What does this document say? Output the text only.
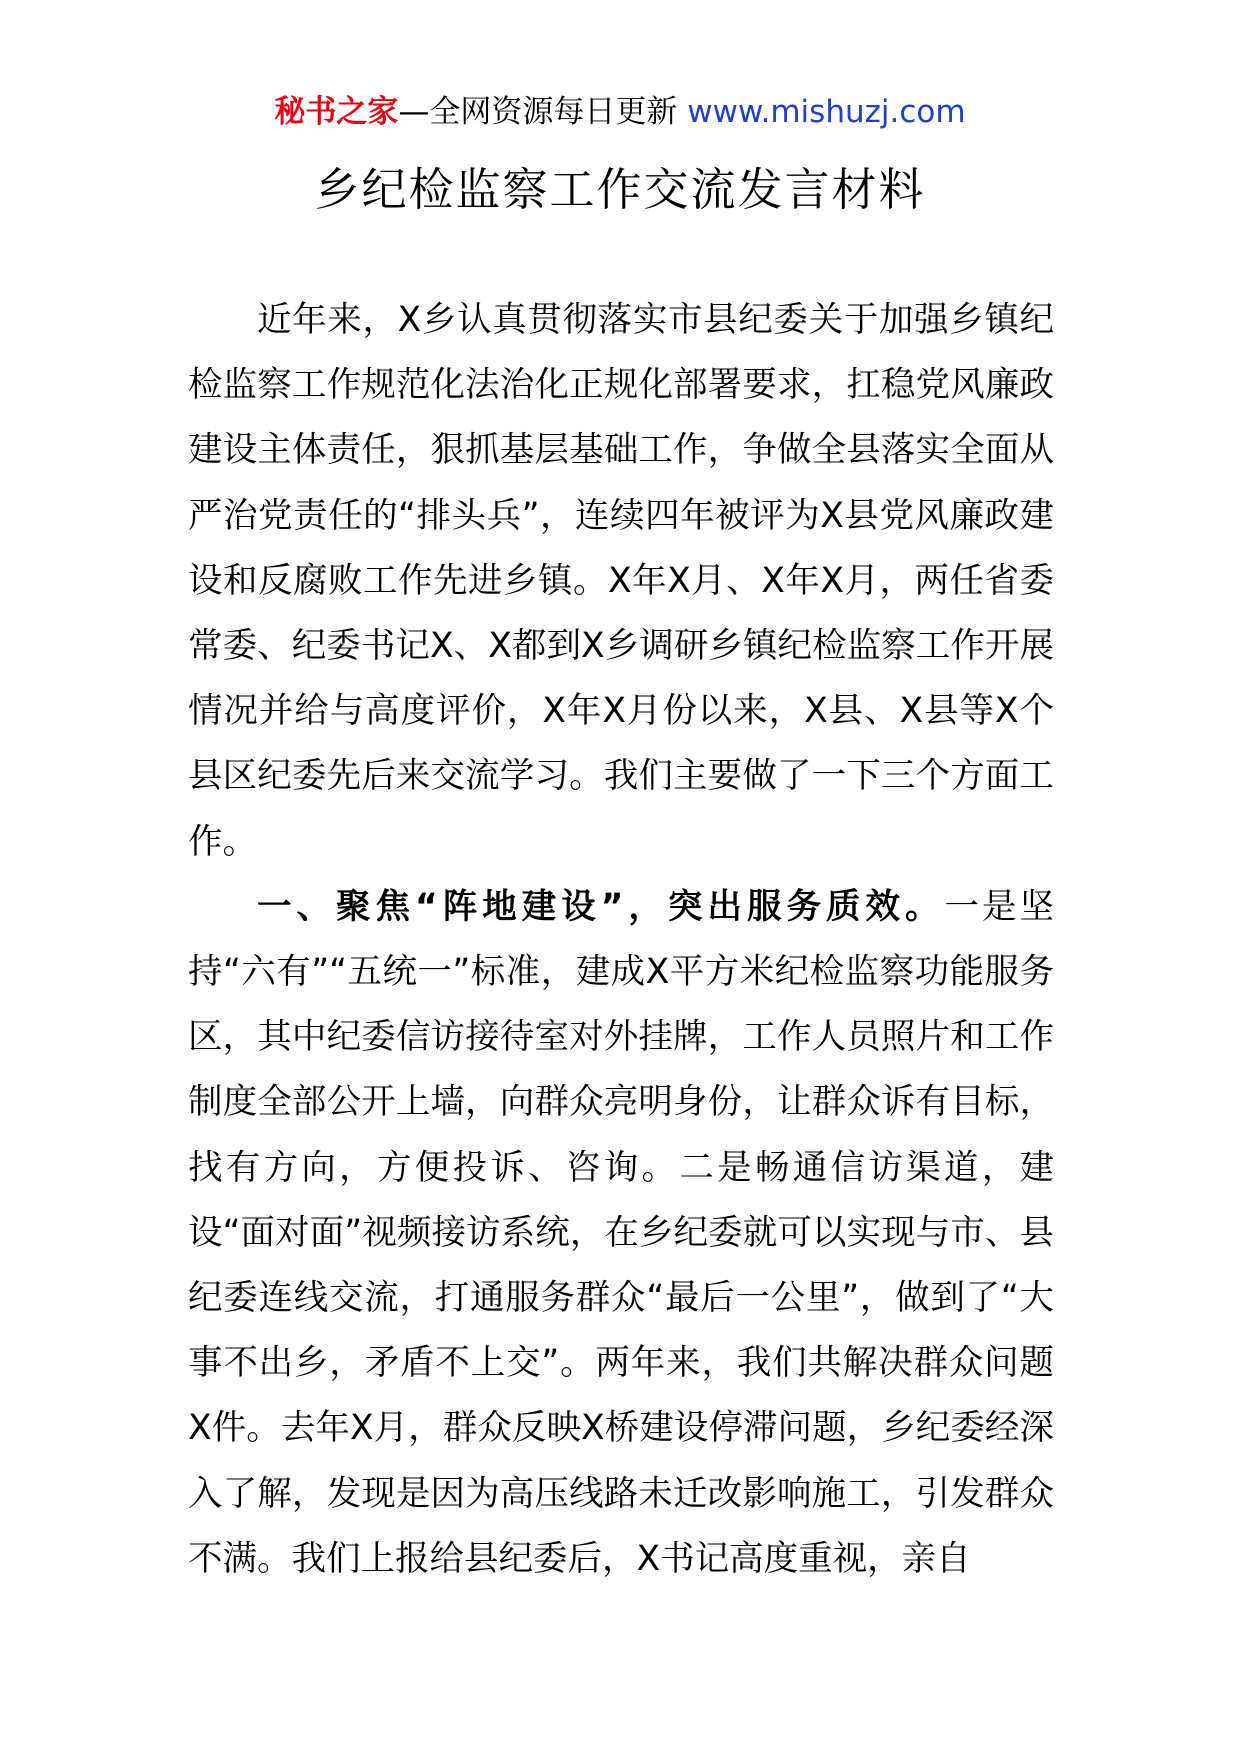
秘书之家—全网资源每日更新 www.mishuzj.com
乡纪检监察工作交流发言材料

近年来，X乡认真贯彻落实市县纪委关于加强乡镇纪检监察工作规范化法治化正规化部署要求，扛稳党风廉政建设主体责任，狠抓基层基础工作，争做全县落实全面从严治党责任的“排头兵”，连续四年被评为X县党风廉政建设和反腐败工作先进乡镇。X年X月、X年X月，两任省委常委、纪委书记X、X都到X乡调研乡镇纪检监察工作开展情况并给与高度评价，X年X月份以来，X县、X县等X个县区纪委先后来交流学习。我们主要做了一下三个方面工作。

一、聚焦“阵地建设”，突出服务质效。一是坚持“六有”“五统一”标准，建成X平方米纪检监察功能服务区，其中纪委信访接待室对外挂牌，工作人员照片和工作制度全部公开上墙，向群众亮明身份，让群众诉有目标，找有方向，方便投诉、咨询。二是畅通信访渠道，建设“面对面”视频接访系统，在乡纪委就可以实现与市、县纪委连线交流，打通服务群众“最后一公里”，做到了“大事不出乡，矛盾不上交”。两年来，我们共解决群众问题X件。去年X月，群众反映X桥建设停滞问题，乡纪委经深入了解，发现是因为高压线路未迁改影响施工，引发群众不满。我们上报给县纪委后，X书记高度重视，亲自
